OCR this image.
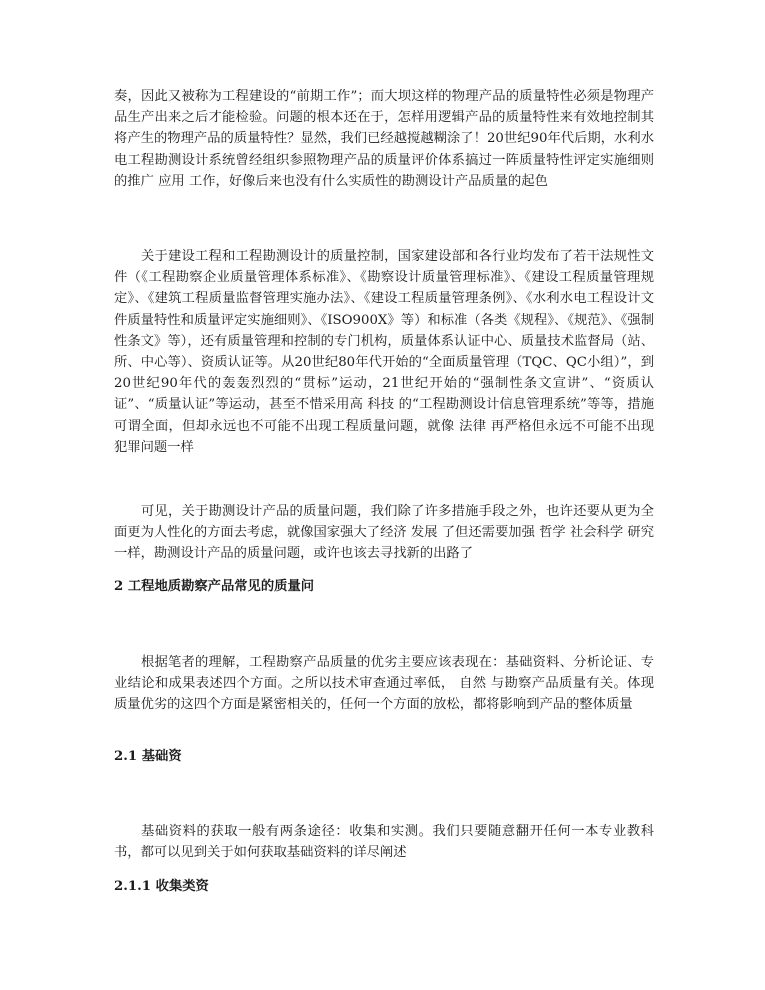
奏，因此又被称为工程建设的“前期工作”；而大坝这样的物理产品的质量特性必须是物理产品生产出来之后才能检验。问题的根本还在于，怎样用逻辑产品的质量特性来有效地控制其将产生的物理产品的质量特性？显然，我们已经越搅越糊涂了！20世纪90年代后期，水利水电工程勘测设计系统曾经组织参照物理产品的质量评价体系搞过一阵质量特性评定实施细则的推广 应用 工作，好像后来也没有什么实质性的勘测设计产品质量的起色

关于建设工程和工程勘测设计的质量控制，国家建设部和各行业均发布了若干法规性文件（《工程勘察企业质量管理体系标准》、《勘察设计质量管理标准》、《建设工程质量管理规定》、《建筑工程质量监督管理实施办法》、《建设工程质量管理条例》、《水利水电工程设计文件质量特性和质量评定实施细则》、《ISO900X》等）和标准（各类《规程》、《规范》、《强制性条文》等），还有质量管理和控制的专门机构，质量体系认证中心、质量技术监督局（站、所、中心等）、资质认证等。从20世纪80年代开始的“全面质量管理（TQC、QC小组）”，到20世纪90年代的轰轰烈烈的“贯标”运动，21世纪开始的“强制性条文宣讲”、“资质认证”、“质量认证”等运动，甚至不惜采用高 科技 的“工程勘测设计信息管理系统”等等，措施可谓全面，但却永远也不可能不出现工程质量问题，就像 法律 再严格但永远不可能不出现犯罪问题一样

可见，关于勘测设计产品的质量问题，我们除了许多措施手段之外，也许还要从更为全面更为人性化的方面去考虑，就像国家强大了经济 发展 了但还需要加强 哲学 社会科学 研究 一样，勘测设计产品的质量问题，或许也该去寻找新的出路了

2 工程地质勘察产品常见的质量问

根据笔者的理解，工程勘察产品质量的优劣主要应该表现在：基础资料、分析论证、专业结论和成果表述四个方面。之所以技术审查通过率低， 自然 与勘察产品质量有关。体现质量优劣的这四个方面是紧密相关的，任何一个方面的放松，都将影响到产品的整体质量

2.1 基础资

基础资料的获取一般有两条途径：收集和实测。我们只要随意翻开任何一本专业教科书，都可以见到关于如何获取基础资料的详尽阐述

2.1.1 收集类资
